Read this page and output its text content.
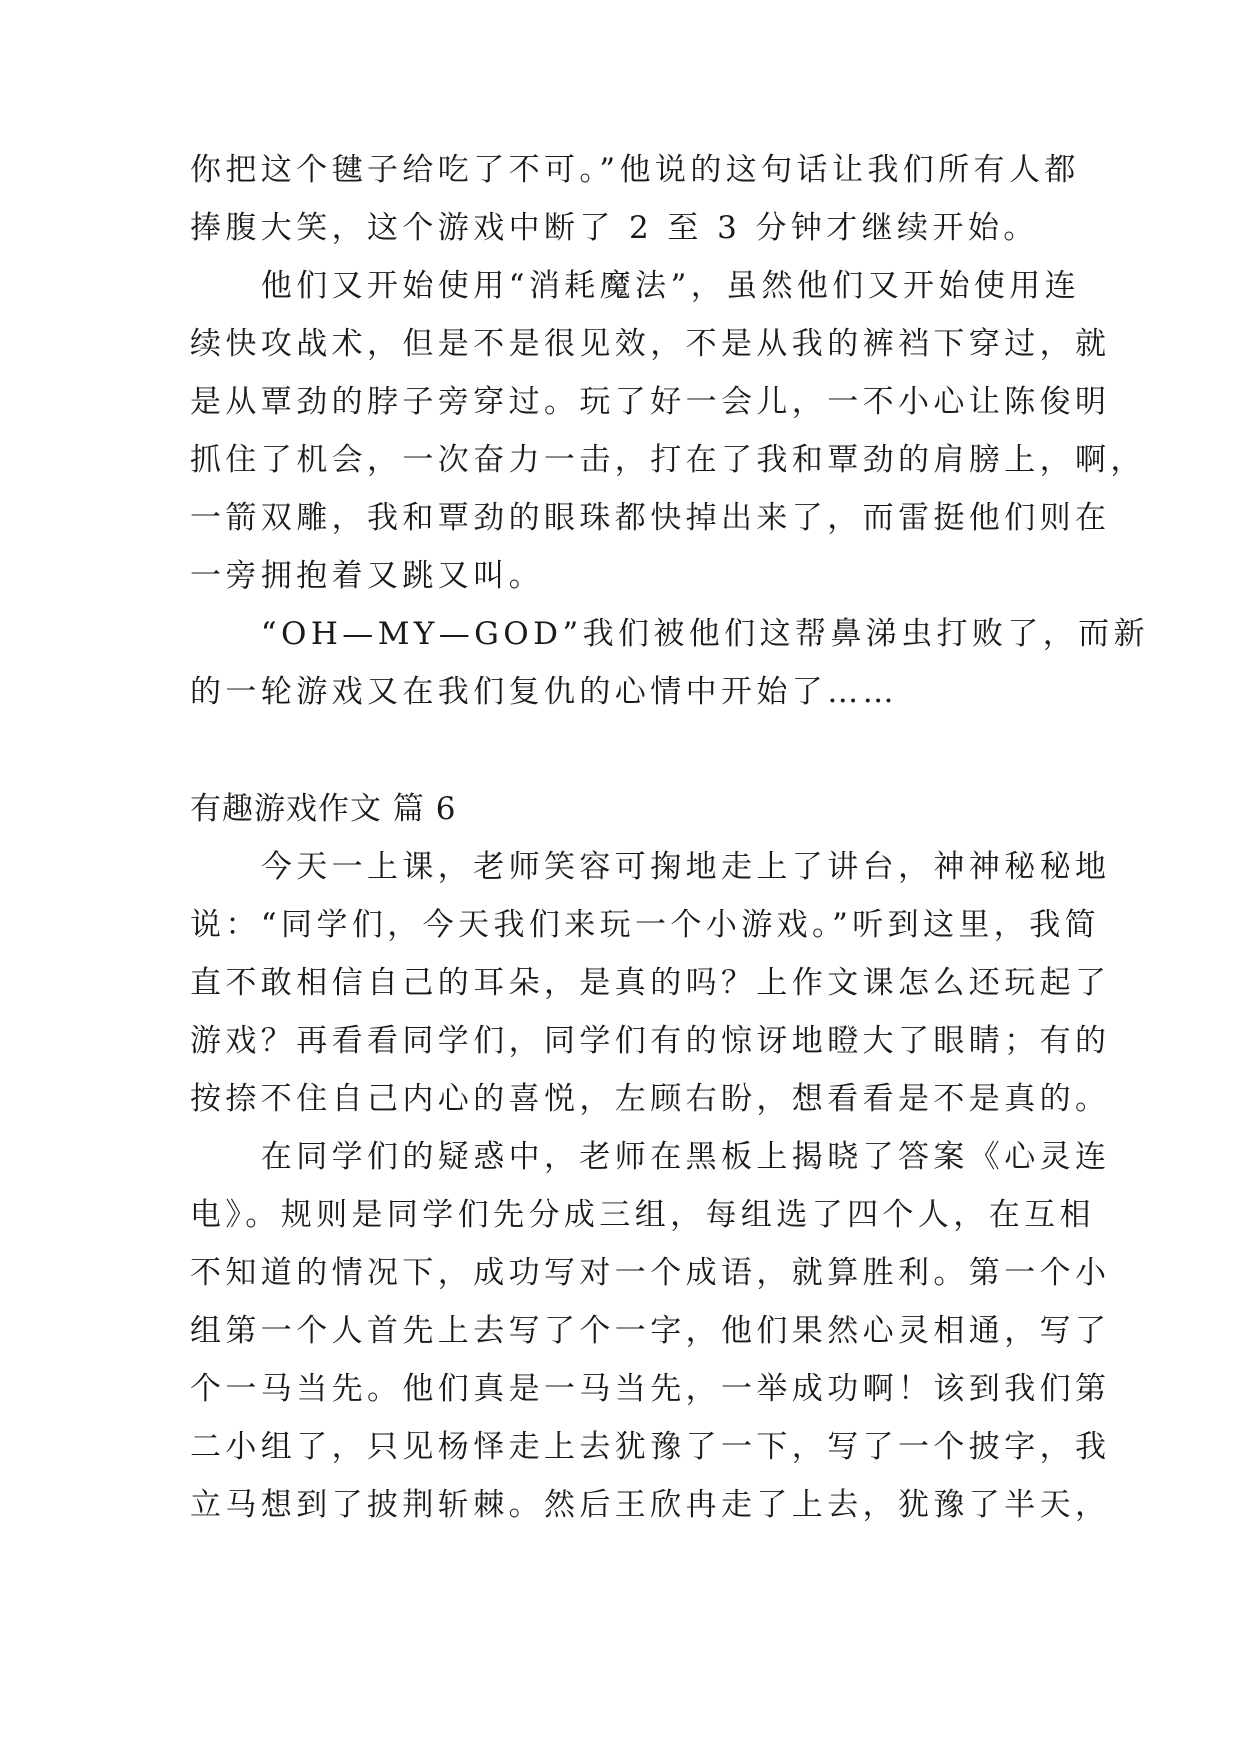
你把这个毽子给吃了不可。”他说的这句话让我们所有人都
捧腹大笑，这个游戏中断了 2 至 3 分钟才继续开始。
　　他们又开始使用“消耗魔法”，虽然他们又开始使用连
续快攻战术，但是不是很见效，不是从我的裤裆下穿过，就
是从覃劲的脖子旁穿过。玩了好一会儿，一不小心让陈俊明
抓住了机会，一次奋力一击，打在了我和覃劲的肩膀上，啊，
一箭双雕，我和覃劲的眼珠都快掉出来了，而雷挺他们则在
一旁拥抱着又跳又叫。
　　“OH—MY—GOD”我们被他们这帮鼻涕虫打败了，而新
的一轮游戏又在我们复仇的心情中开始了……
有趣游戏作文 篇 6
　　今天一上课，老师笑容可掬地走上了讲台，神神秘秘地
说：“同学们，今天我们来玩一个小游戏。”听到这里，我简
直不敢相信自己的耳朵，是真的吗？上作文课怎么还玩起了
游戏？再看看同学们，同学们有的惊讶地瞪大了眼睛；有的
按捺不住自己内心的喜悦，左顾右盼，想看看是不是真的。
　　在同学们的疑惑中，老师在黑板上揭晓了答案《心灵连
电》。规则是同学们先分成三组，每组选了四个人，在互相
不知道的情况下，成功写对一个成语，就算胜利。第一个小
组第一个人首先上去写了个一字，他们果然心灵相通，写了
个一马当先。他们真是一马当先，一举成功啊！该到我们第
二小组了，只见杨怿走上去犹豫了一下，写了一个披字，我
立马想到了披荆斩棘。然后王欣冉走了上去，犹豫了半天，
